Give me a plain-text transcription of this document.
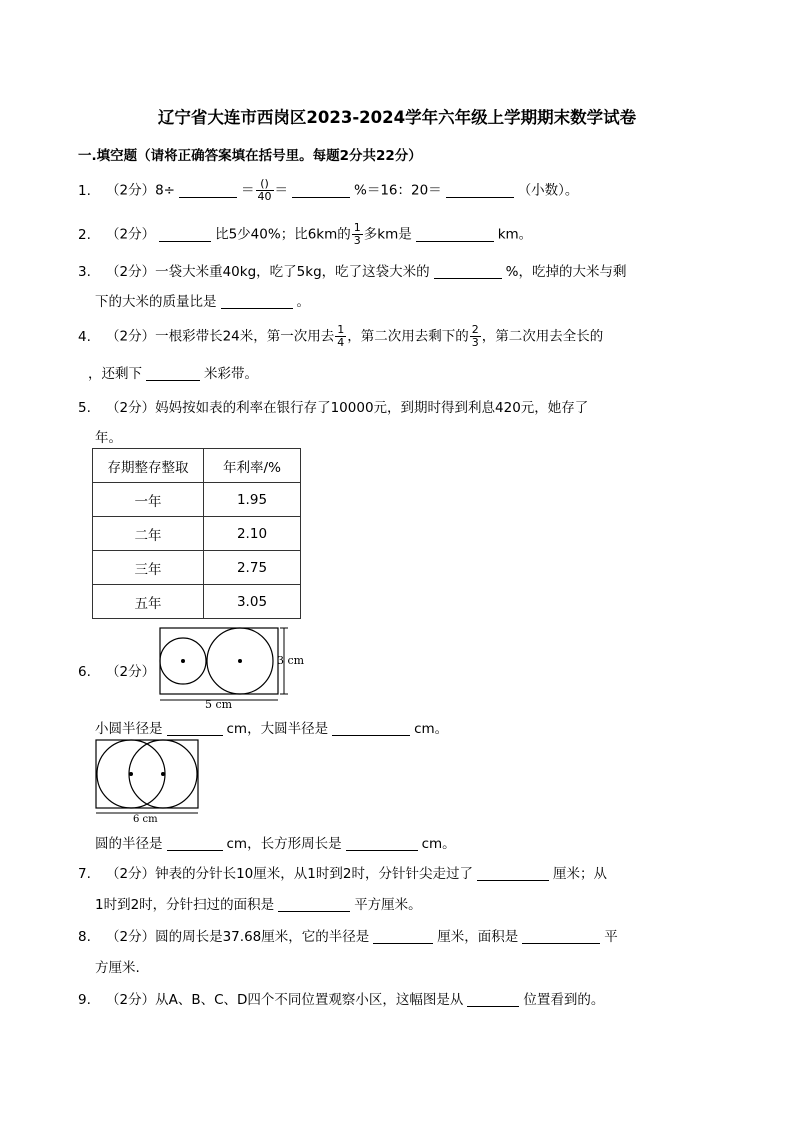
辽宁省大连市西岗区2023-2024学年六年级上学期期末数学试卷
一.填空题（请将正确答案填在括号里。每题2分共22分）
1. （2分）8÷	＝ $\frac{()}{40}$ ＝	%＝16：20＝	（小数）。
2. （2分）	比5少40%；比6km的 $\frac{1}{3}$ 多km是	km。
3. （2分）一袋大米重40kg，吃了5kg，吃了这袋大米的	%，吃掉的大米与剩
下的大米的质量比是	。
4. （2分）一根彩带长24米，第一次用去 $\frac{1}{4}$ ，第二次用去剩下的 $\frac{2}{3}$ ，第二次用去全长的
，还剩下	米彩带。
5. （2分）妈妈按如表的利率在银行存了10000元，到期时得到利息420元，她存了
年。
存期整存整取	年利率/%
一年	1.95
二年	2.10
三年	2.75
五年	3.05
6. （2分）
3 cm
5 cm
小圆半径是	cm，大圆半径是	cm。
6 cm
圆的半径是	cm，长方形周长是	cm。
7. （2分）钟表的分针长10厘米，从1时到2时，分针针尖走过了	厘米；从
1时到2时，分针扫过的面积是	平方厘米。
8. （2分）圆的周长是37.68厘米，它的半径是	厘米，面积是	平
方厘米.
9. （2分）从A、B、C、D四个不同位置观察小区，这幅图是从	位置看到的。
